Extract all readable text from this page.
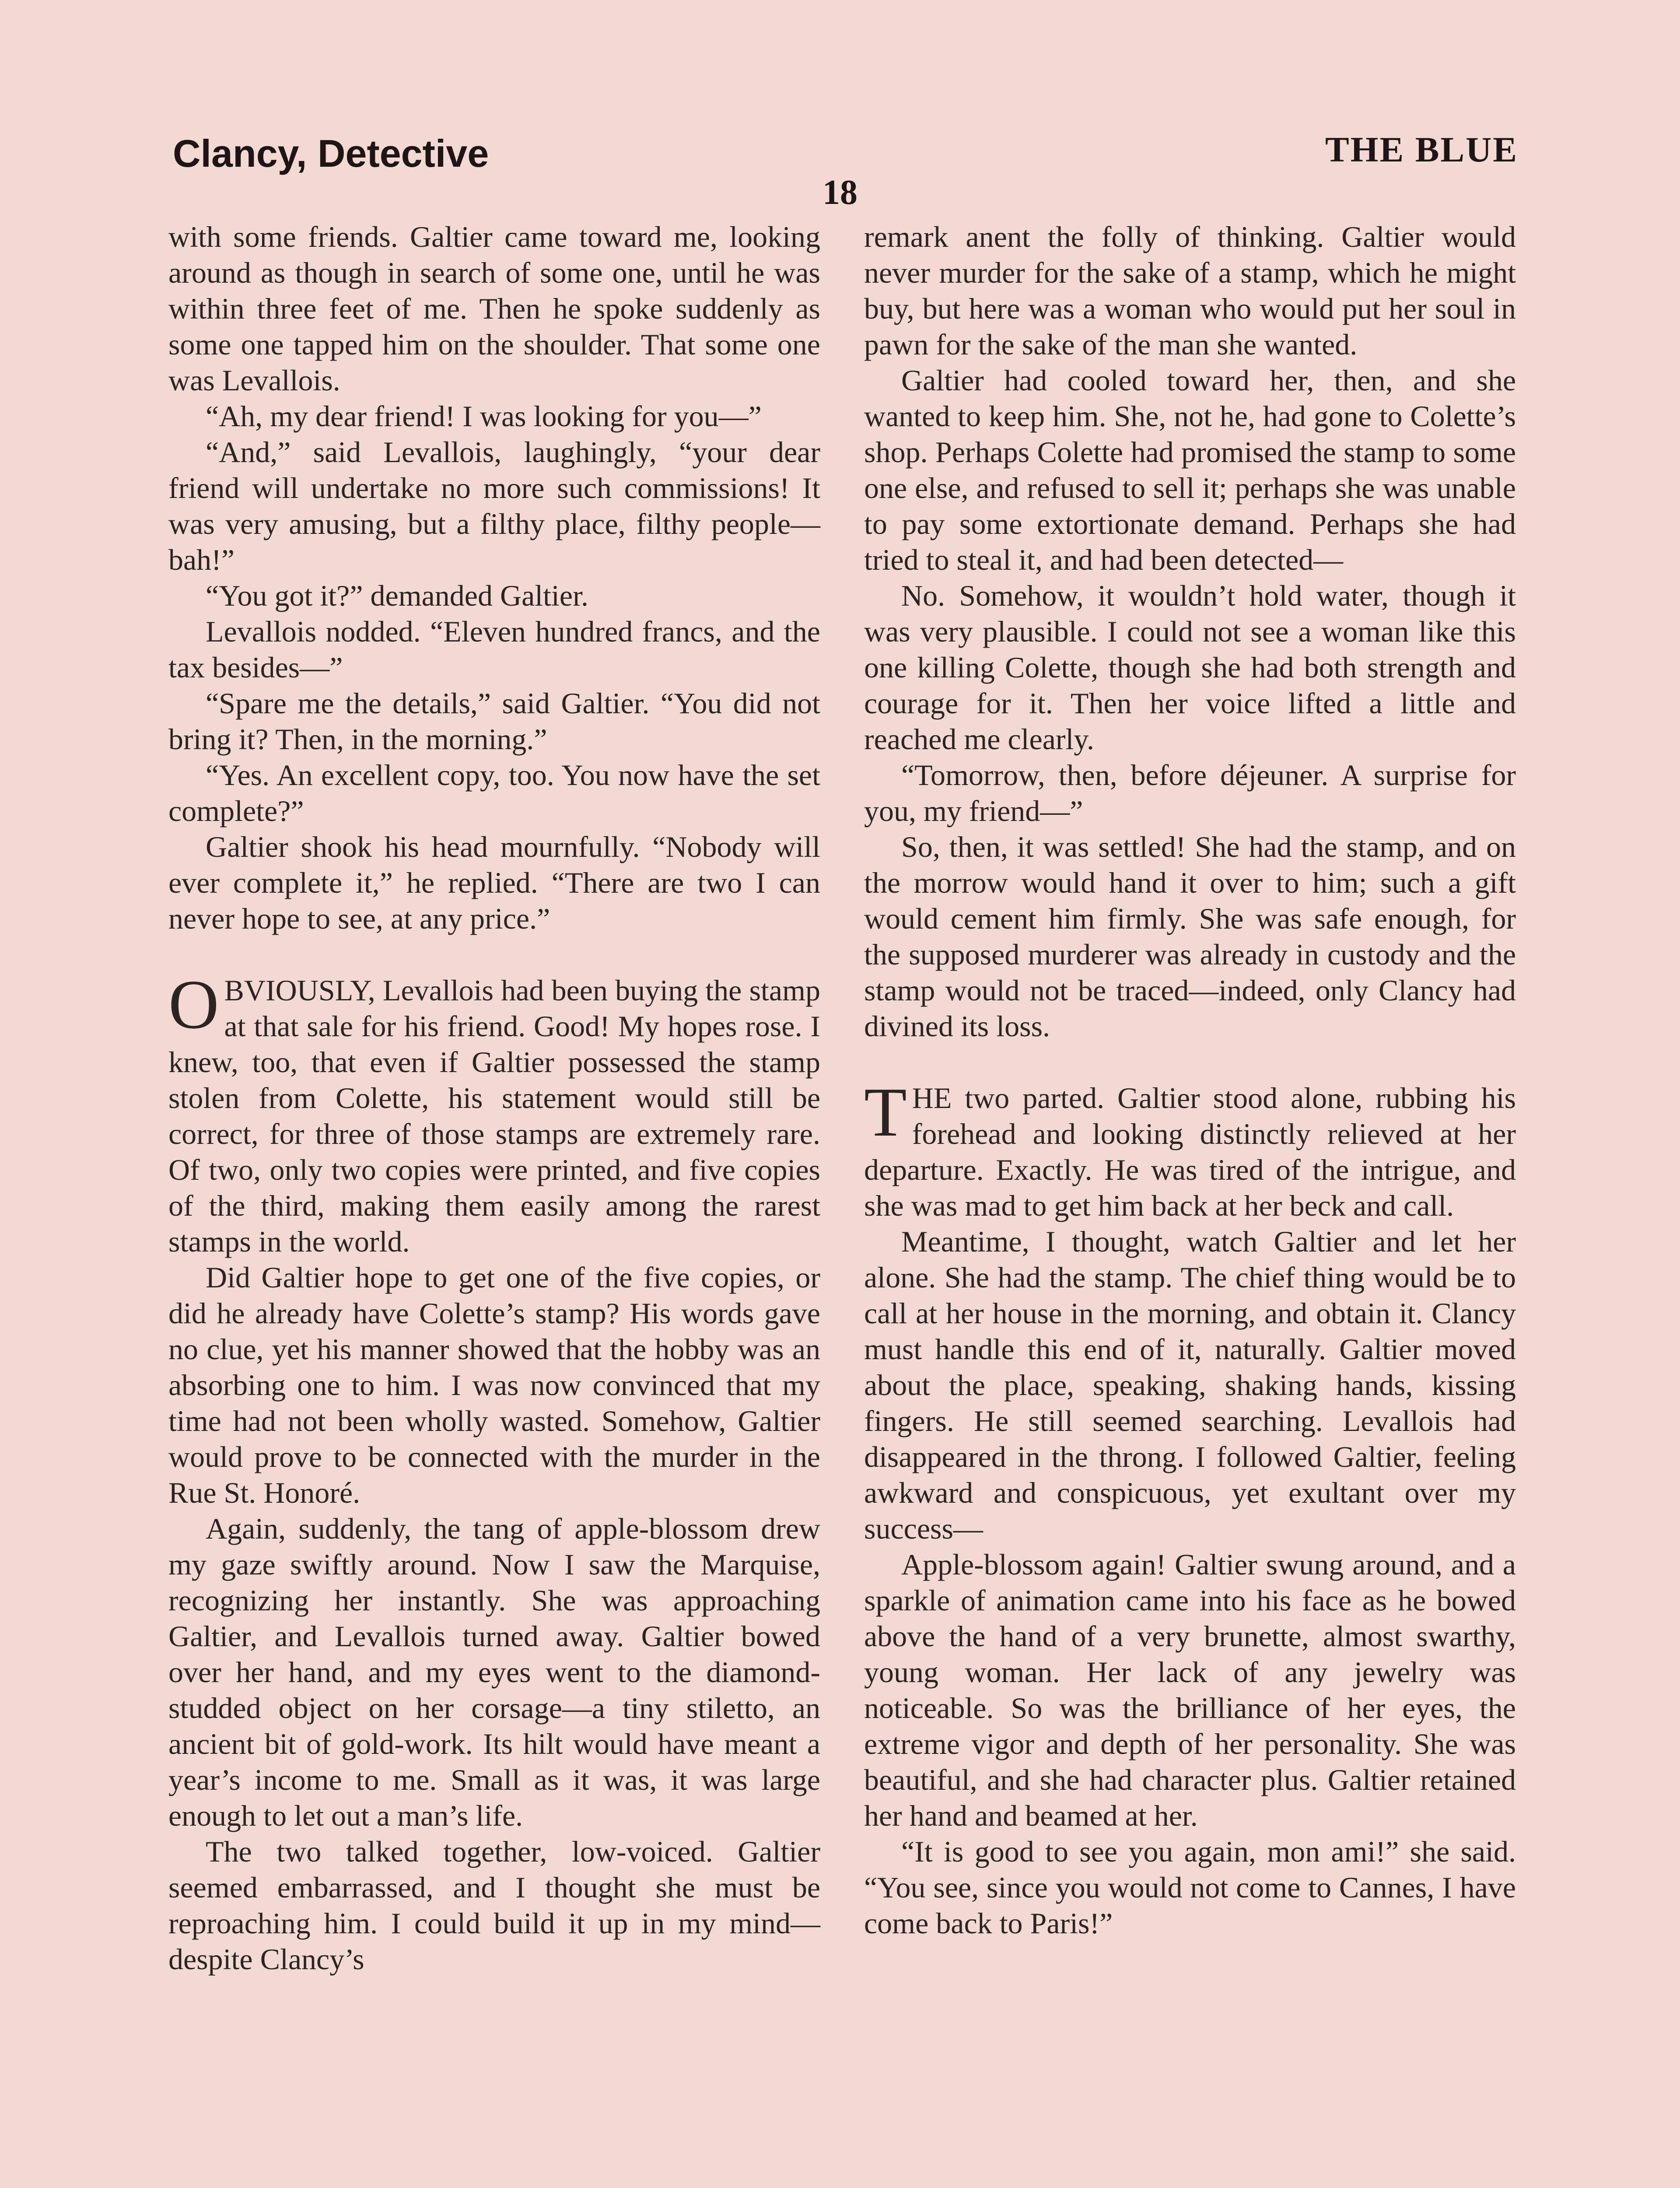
Clancy, Detective	THE BLUE
18

with some friends. Galtier came toward me, looking around as though in search of some one, until he was within three feet of me. Then he spoke suddenly as some one tapped him on the shoulder. That some one was Levallois.

“Ah, my dear friend! I was looking for you—”

“And,” said Levallois, laughingly, “your dear friend will undertake no more such commissions! It was very amusing, but a filthy place, filthy people—bah!”

“You got it?” demanded Galtier.

Levallois nodded. “Eleven hundred francs, and the tax besides—”

“Spare me the details,” said Galtier. “You did not bring it? Then, in the morning.”

“Yes. An excellent copy, too. You now have the set complete?”

Galtier shook his head mournfully. “Nobody will ever complete it,” he replied. “There are two I can never hope to see, at any price.”

OBVIOUSLY, Levallois had been buying the stamp at that sale for his friend. Good! My hopes rose. I knew, too, that even if Galtier possessed the stamp stolen from Colette, his statement would still be correct, for three of those stamps are extremely rare. Of two, only two copies were printed, and five copies of the third, making them easily among the rarest stamps in the world.

Did Galtier hope to get one of the five copies, or did he already have Colette’s stamp? His words gave no clue, yet his manner showed that the hobby was an absorbing one to him. I was now convinced that my time had not been wholly wasted. Somehow, Galtier would prove to be connected with the murder in the Rue St. Honoré.

Again, suddenly, the tang of apple-blossom drew my gaze swiftly around. Now I saw the Marquise, recognizing her instantly. She was approaching Galtier, and Levallois turned away. Galtier bowed over her hand, and my eyes went to the diamond-studded object on her corsage—a tiny stiletto, an ancient bit of gold-work. Its hilt would have meant a year’s income to me. Small as it was, it was large enough to let out a man’s life.

The two talked together, low-voiced. Galtier seemed embarrassed, and I thought she must be reproaching him. I could build it up in my mind—despite Clancy’s

remark anent the folly of thinking. Galtier would never murder for the sake of a stamp, which he might buy, but here was a woman who would put her soul in pawn for the sake of the man she wanted.

Galtier had cooled toward her, then, and she wanted to keep him. She, not he, had gone to Colette’s shop. Perhaps Colette had promised the stamp to some one else, and refused to sell it; perhaps she was unable to pay some extortionate demand. Perhaps she had tried to steal it, and had been detected—

No. Somehow, it wouldn’t hold water, though it was very plausible. I could not see a woman like this one killing Colette, though she had both strength and courage for it. Then her voice lifted a little and reached me clearly.

“Tomorrow, then, before déjeuner. A surprise for you, my friend—”

So, then, it was settled! She had the stamp, and on the morrow would hand it over to him; such a gift would cement him firmly. She was safe enough, for the supposed murderer was already in custody and the stamp would not be traced—indeed, only Clancy had divined its loss.

THE two parted. Galtier stood alone, rubbing his forehead and looking distinctly relieved at her departure. Exactly. He was tired of the intrigue, and she was mad to get him back at her beck and call.

Meantime, I thought, watch Galtier and let her alone. She had the stamp. The chief thing would be to call at her house in the morning, and obtain it. Clancy must handle this end of it, naturally. Galtier moved about the place, speaking, shaking hands, kissing fingers. He still seemed searching. Levallois had disappeared in the throng. I followed Galtier, feeling awkward and conspicuous, yet exultant over my success—

Apple-blossom again! Galtier swung around, and a sparkle of animation came into his face as he bowed above the hand of a very brunette, almost swarthy, young woman. Her lack of any jewelry was noticeable. So was the brilliance of her eyes, the extreme vigor and depth of her personality. She was beautiful, and she had character plus. Galtier retained her hand and beamed at her.

“It is good to see you again, mon ami!” she said. “You see, since you would not come to Cannes, I have come back to Paris!”
